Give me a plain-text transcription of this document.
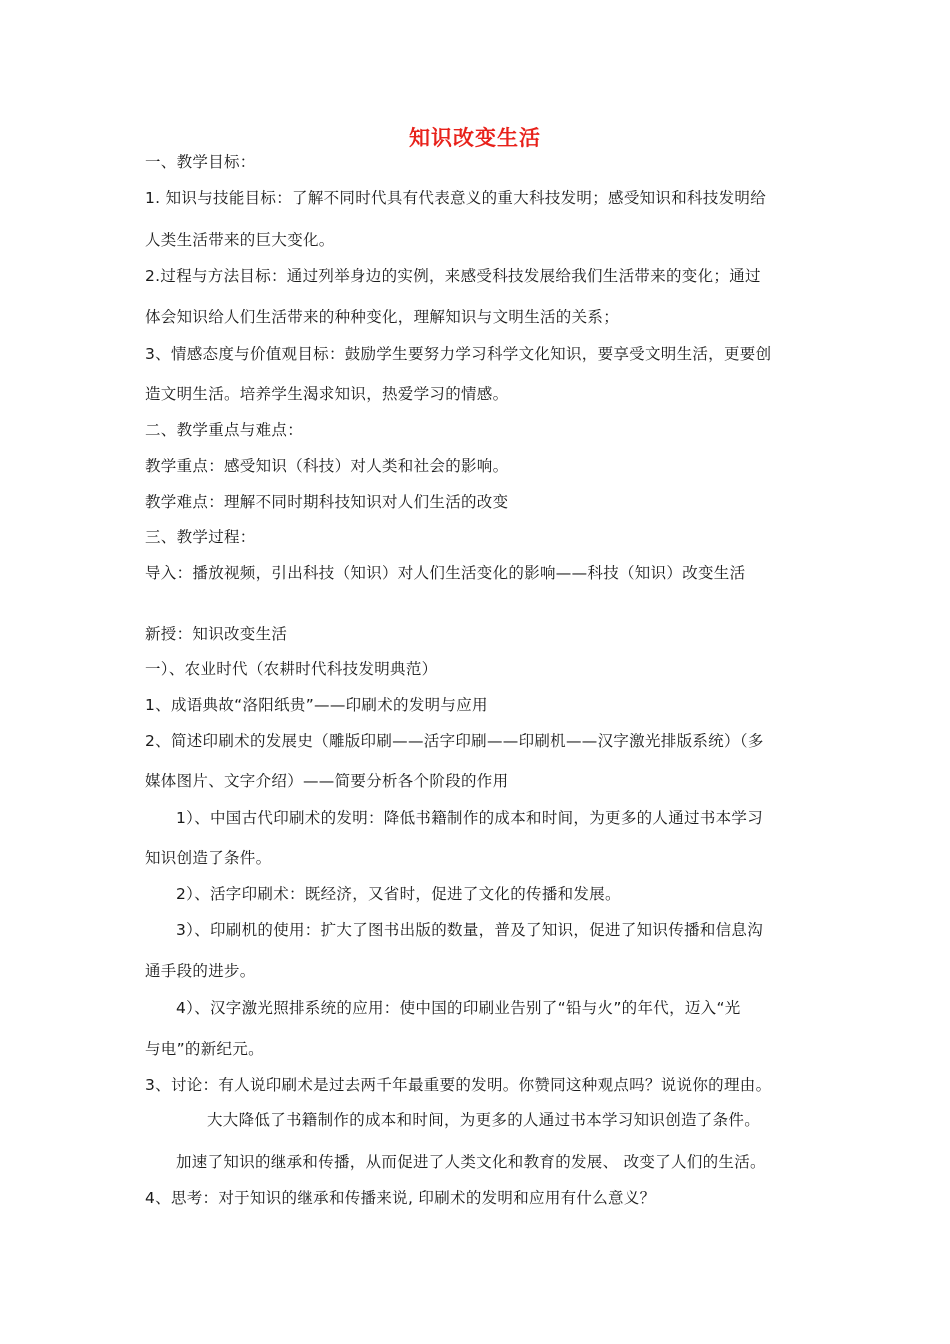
知识改变生活
一、教学目标：
1. 知识与技能目标：了解不同时代具有代表意义的重大科技发明；感受知识和科技发明给
人类生活带来的巨大变化。
2.过程与方法目标：通过列举身边的实例，来感受科技发展给我们生活带来的变化；通过
体会知识给人们生活带来的种种变化，理解知识与文明生活的关系；
3、情感态度与价值观目标：鼓励学生要努力学习科学文化知识，要享受文明生活，更要创
造文明生活。培养学生渴求知识，热爱学习的情感。
二、教学重点与难点：
教学重点：感受知识（科技）对人类和社会的影响。
教学难点：理解不同时期科技知识对人们生活的改变
三、教学过程：
导入：播放视频，引出科技（知识）对人们生活变化的影响——科技（知识）改变生活
新授：知识改变生活
一）、农业时代（农耕时代科技发明典范）
1、成语典故“洛阳纸贵”——印刷术的发明与应用
2、简述印刷术的发展史（雕版印刷——活字印刷——印刷机——汉字激光排版系统）（多
媒体图片、文字介绍）——简要分析各个阶段的作用
1）、中国古代印刷术的发明：降低书籍制作的成本和时间，为更多的人通过书本学习
知识创造了条件。
2）、活字印刷术：既经济，又省时，促进了文化的传播和发展。
3）、印刷机的使用：扩大了图书出版的数量，普及了知识，促进了知识传播和信息沟
通手段的进步。
4）、汉字激光照排系统的应用：使中国的印刷业告别了“铅与火”的年代，迈入“光
与电”的新纪元。
3、讨论：有人说印刷术是过去两千年最重要的发明。你赞同这种观点吗？说说你的理由。
大大降低了书籍制作的成本和时间，为更多的人通过书本学习知识创造了条件。
加速了知识的继承和传播，从而促进了人类文化和教育的发展、 改变了人们的生活。
4、思考：对于知识的继承和传播来说, 印刷术的发明和应用有什么意义？
